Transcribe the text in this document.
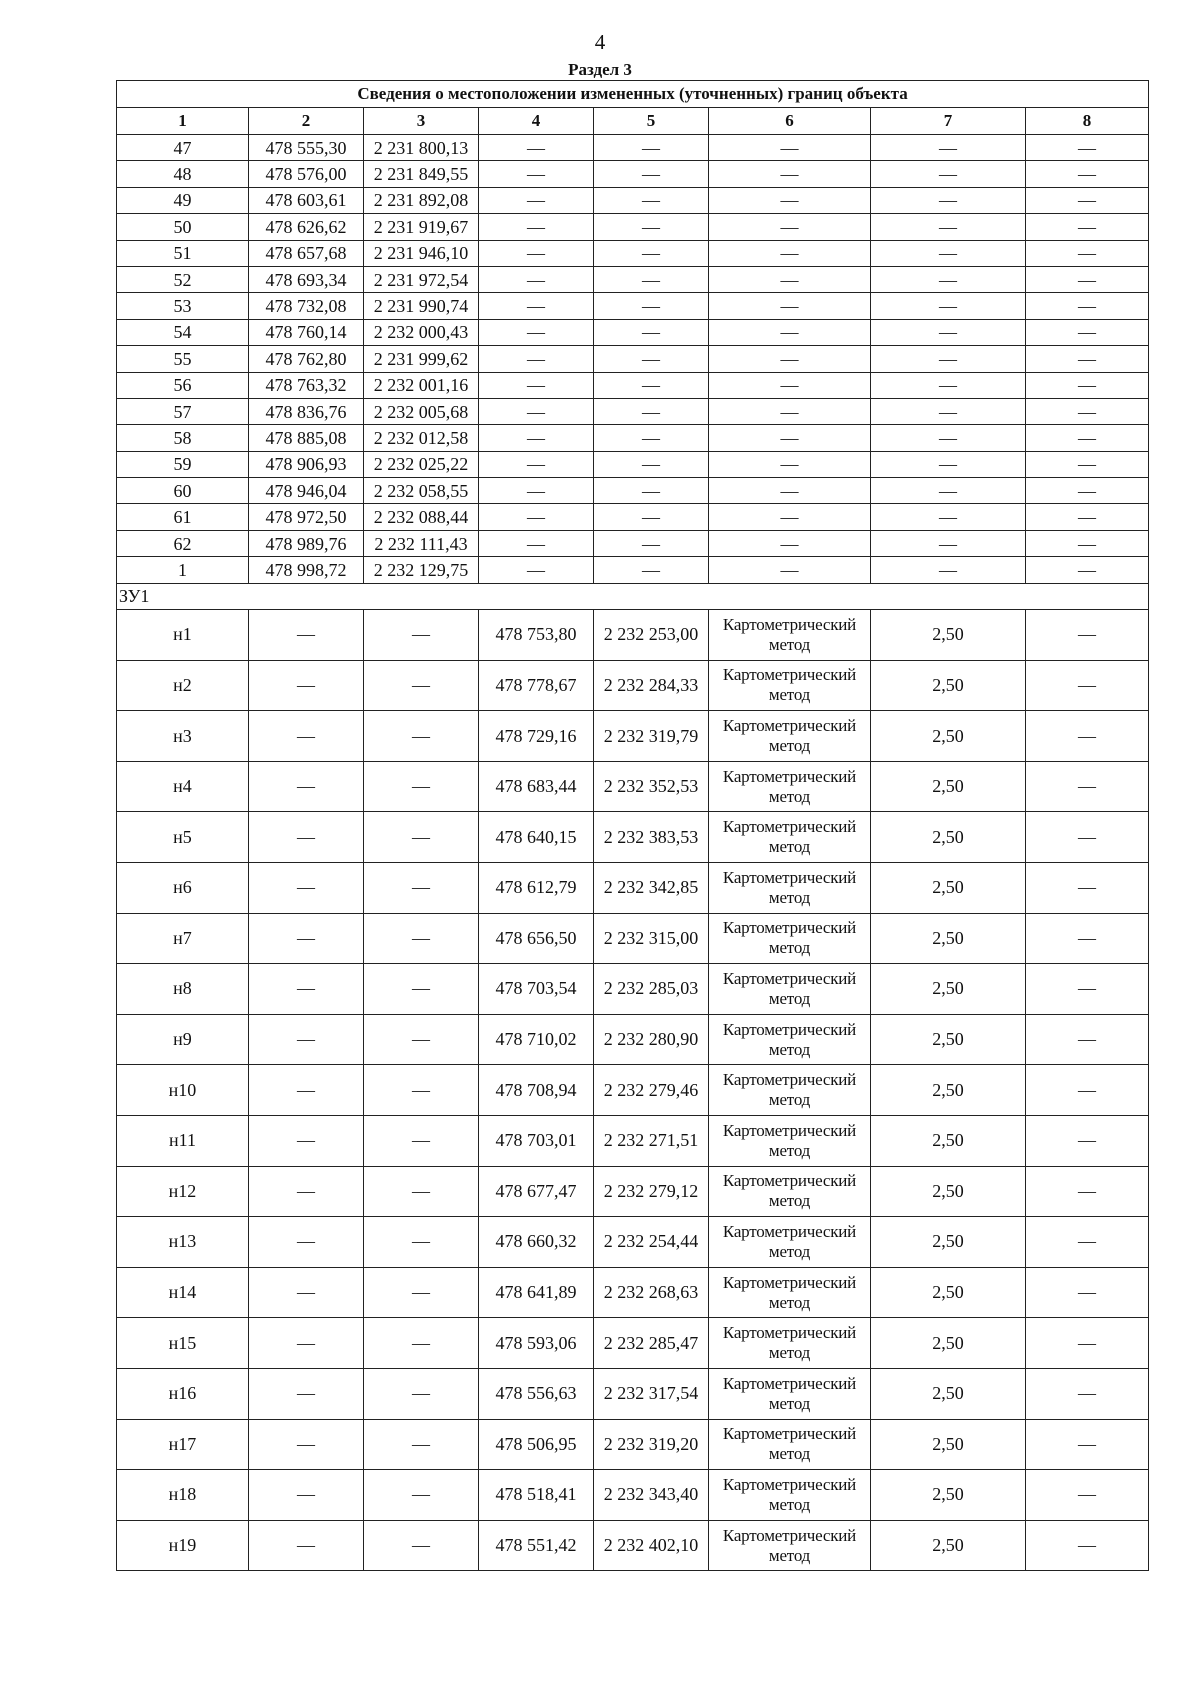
4
Раздел 3
Сведения о местоположении измененных (уточненных) границ объекта							
1	2	3	4	5	6	7	8
47	478 555,30	2 231 800,13	—	—	—	—	—
48	478 576,00	2 231 849,55	—	—	—	—	—
49	478 603,61	2 231 892,08	—	—	—	—	—
50	478 626,62	2 231 919,67	—	—	—	—	—
51	478 657,68	2 231 946,10	—	—	—	—	—
52	478 693,34	2 231 972,54	—	—	—	—	—
53	478 732,08	2 231 990,74	—	—	—	—	—
54	478 760,14	2 232 000,43	—	—	—	—	—
55	478 762,80	2 231 999,62	—	—	—	—	—
56	478 763,32	2 232 001,16	—	—	—	—	—
57	478 836,76	2 232 005,68	—	—	—	—	—
58	478 885,08	2 232 012,58	—	—	—	—	—
59	478 906,93	2 232 025,22	—	—	—	—	—
60	478 946,04	2 232 058,55	—	—	—	—	—
61	478 972,50	2 232 088,44	—	—	—	—	—
62	478 989,76	2 232 111,43	—	—	—	—	—
1	478 998,72	2 232 129,75	—	—	—	—	—
ЗУ1							
н1	—	—	478 753,80	2 232 253,00	Картометрический метод	2,50	—
н2	—	—	478 778,67	2 232 284,33	Картометрический метод	2,50	—
н3	—	—	478 729,16	2 232 319,79	Картометрический метод	2,50	—
н4	—	—	478 683,44	2 232 352,53	Картометрический метод	2,50	—
н5	—	—	478 640,15	2 232 383,53	Картометрический метод	2,50	—
н6	—	—	478 612,79	2 232 342,85	Картометрический метод	2,50	—
н7	—	—	478 656,50	2 232 315,00	Картометрический метод	2,50	—
н8	—	—	478 703,54	2 232 285,03	Картометрический метод	2,50	—
н9	—	—	478 710,02	2 232 280,90	Картометрический метод	2,50	—
н10	—	—	478 708,94	2 232 279,46	Картометрический метод	2,50	—
н11	—	—	478 703,01	2 232 271,51	Картометрический метод	2,50	—
н12	—	—	478 677,47	2 232 279,12	Картометрический метод	2,50	—
н13	—	—	478 660,32	2 232 254,44	Картометрический метод	2,50	—
н14	—	—	478 641,89	2 232 268,63	Картометрический метод	2,50	—
н15	—	—	478 593,06	2 232 285,47	Картометрический метод	2,50	—
н16	—	—	478 556,63	2 232 317,54	Картометрический метод	2,50	—
н17	—	—	478 506,95	2 232 319,20	Картометрический метод	2,50	—
н18	—	—	478 518,41	2 232 343,40	Картометрический метод	2,50	—
н19	—	—	478 551,42	2 232 402,10	Картометрический метод	2,50	—
